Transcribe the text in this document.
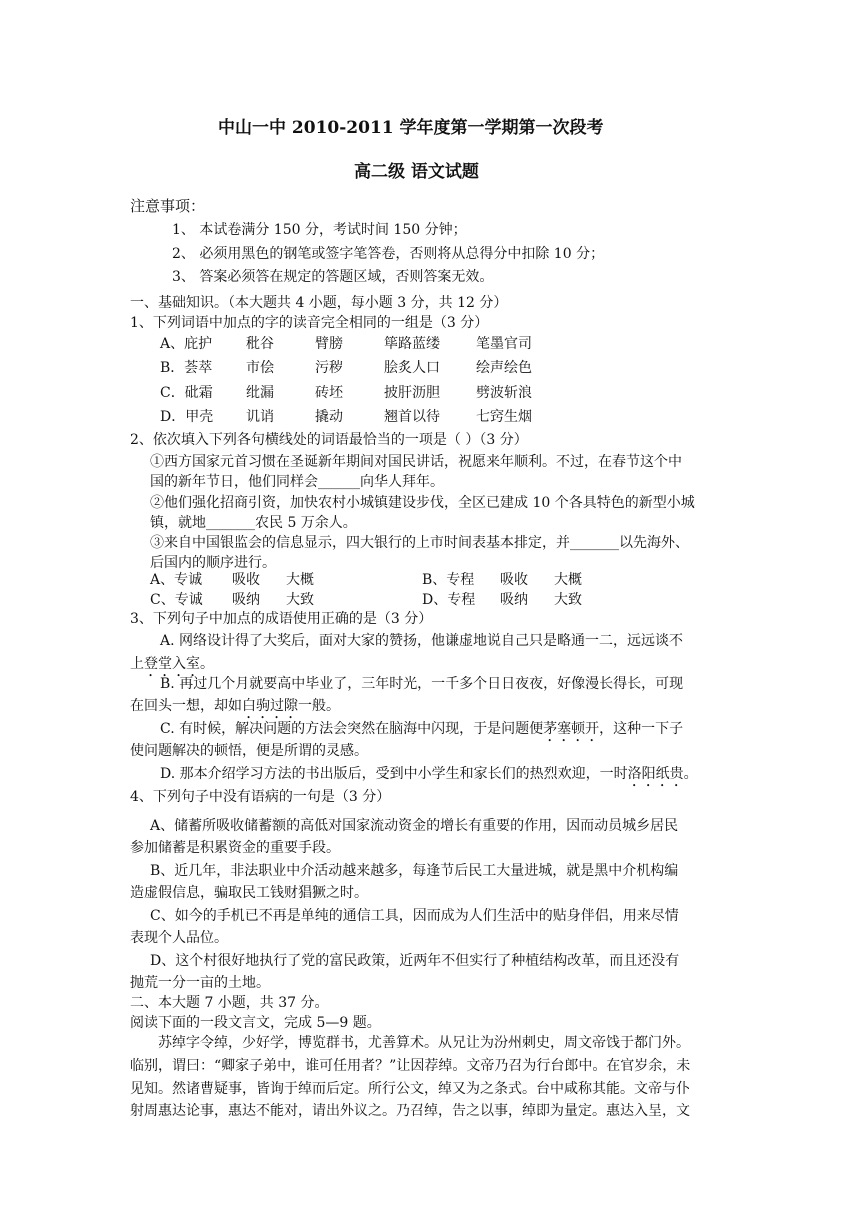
中山一中 2010-2011 学年度第一学期第一次段考
高二级 语文试题
注意事项：
1、 本试卷满分 150 分，考试时间 150 分钟；
2、 必须用黑色的钢笔或签字笔答卷，否则将从总得分中扣除 10 分；
3、 答案必须答在规定的答题区域，否则答案无效。
一、基础知识。（本大题共 4 小题，每小题 3 分，共 12 分）
1、下列词语中加点的字的读音完全相同的一组是（3 分）
A、庇护 秕谷	臂膀	筚路蓝缕	笔墨官司
B．荟萃 市侩	污秽	脍炙人口	绘声绘色
C．砒霜 纰漏	砖坯	披肝沥胆	劈波斩浪
D．甲壳 讥诮	撬动	翘首以待	七窍生烟
2、依次填入下列各句横线处的词语最恰当的一项是（ ）（3 分）
①西方国家元首习惯在圣诞新年期间对国民讲话，祝愿来年顺利。不过，在春节这个中
国的新年节日，他们同样会______向华人拜年。
②他们强化招商引资，加快农村小城镇建设步伐，全区已建成 10 个各具特色的新型小城
镇，就地_______农民 5 万余人。
③来自中国银监会的信息显示，四大银行的上市时间表基本排定，并_______以先海外、
后国内的顺序进行。
A、专诚 吸收 大概	B、专程 吸收 大概
C、专诚 吸纳 大致	D、专程 吸纳 大致
3、下列句子中加点的成语使用正确的是（3 分）
A. 网络设计得了大奖后，面对大家的赞扬，他谦虚地说自己只是略通一二，远远谈不
上登堂入室。
B. 再过几个月就要高中毕业了，三年时光，一千多个日日夜夜，好像漫长得长，可现
在回头一想，却如白驹过隙一般。
C. 有时候，解决问题的方法会突然在脑海中闪现，于是问题便茅塞顿开，这种一下子
使问题解决的顿悟，便是所谓的灵感。
D. 那本介绍学习方法的书出版后，受到中小学生和家长们的热烈欢迎，一时洛阳纸贵。
4、下列句子中没有语病的一句是（3 分）
A、储蓄所吸收储蓄额的高低对国家流动资金的增长有重要的作用，因而动员城乡居民
参加储蓄是积累资金的重要手段。
B、近几年，非法职业中介活动越来越多，每逢节后民工大量进城，就是黑中介机构编
造虚假信息，骗取民工钱财猖獗之时。
C、如今的手机已不再是单纯的通信工具，因而成为人们生活中的贴身伴侣，用来尽情
表现个人品位。
D、这个村很好地执行了党的富民政策，近两年不但实行了种植结构改革，而且还没有
抛荒一分一亩的土地。
二、本大题 7 小题，共 37 分。
阅读下面的一段文言文，完成 5—9 题。
苏绰字令绰，少好学，博览群书，尤善算术。从兄让为汾州刺史，周文帝饯于都门外。
临别，谓曰：“卿家子弟中，谁可任用者？”让因荐绰。文帝乃召为行台郎中。在官岁余，未
见知。然诸曹疑事，皆询于绰而后定。所行公文，绰又为之条式。台中咸称其能。文帝与仆
射周惠达论事，惠达不能对，请出外议之。乃召绰，告之以事，绰即为量定。惠达入呈，文
